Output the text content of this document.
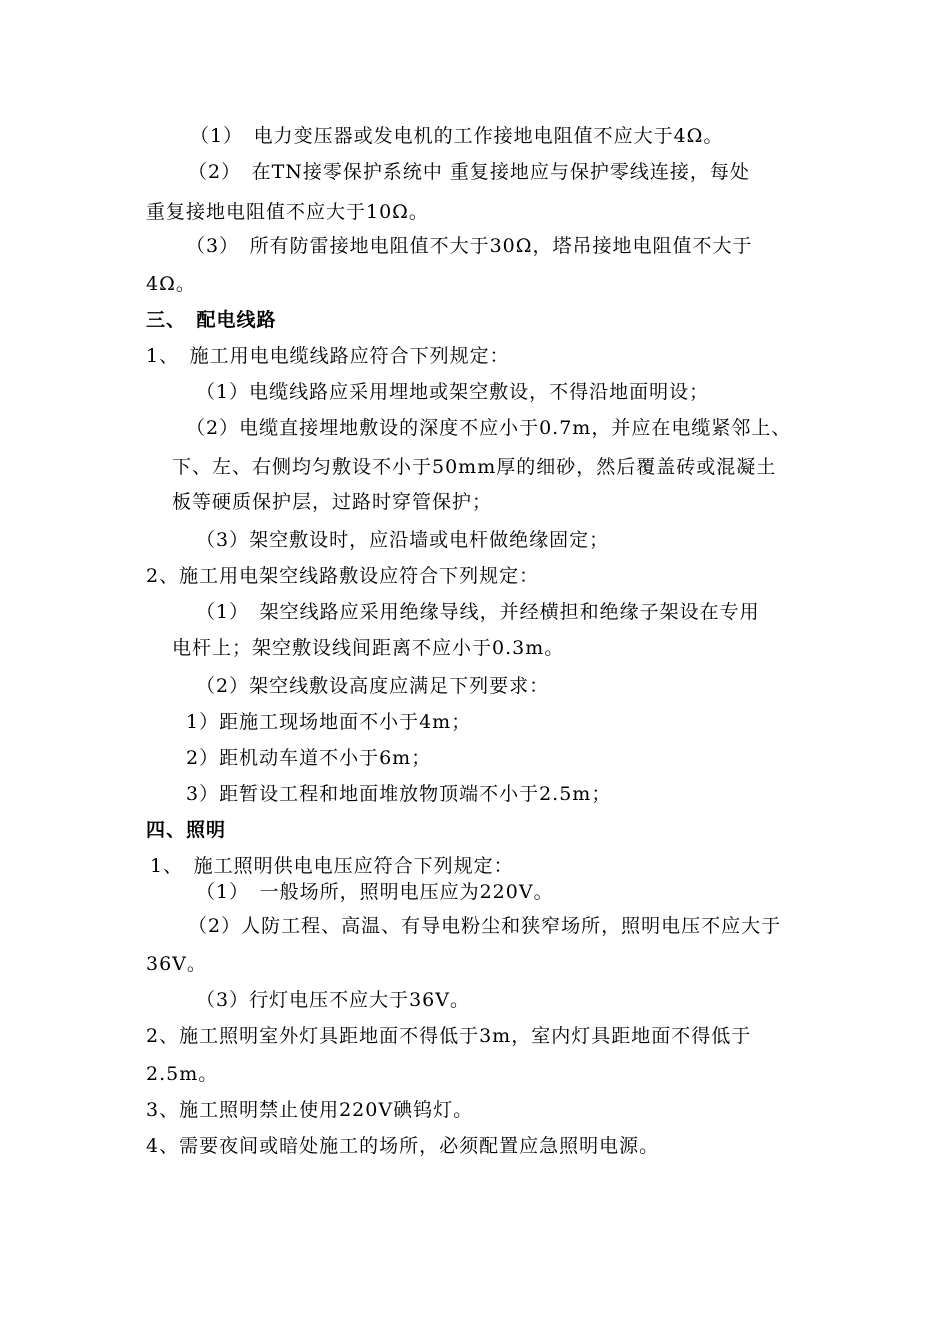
（1）　电力变压器或发电机的工作接地电阻值不应大于4Ω。
（2）　在TN接零保护系统中 重复接地应与保护零线连接，每处
重复接地电阻值不应大于10Ω。
（3）　所有防雷接地电阻值不大于30Ω，塔吊接地电阻值不大于
4Ω。
三、　配电线路
1、　施工用电电缆线路应符合下列规定：
（1）电缆线路应采用埋地或架空敷设，不得沿地面明设；
（2）电缆直接埋地敷设的深度不应小于0.7m，并应在电缆紧邻上、
下、左、右侧均匀敷设不小于50mm厚的细砂，然后覆盖砖或混凝土
板等硬质保护层，过路时穿管保护；
（3）架空敷设时，应沿墙或电杆做绝缘固定；
2、施工用电架空线路敷设应符合下列规定：
（1）　架空线路应采用绝缘导线，并经横担和绝缘子架设在专用
电杆上；架空敷设线间距离不应小于0.3m。
（2）架空线敷设高度应满足下列要求：
1）距施工现场地面不小于4m；
2）距机动车道不小于6m；
3）距暂设工程和地面堆放物顶端不小于2.5m；
四、照明
1、　施工照明供电电压应符合下列规定：
（1）　一般场所，照明电压应为220V。
（2）人防工程、高温、有导电粉尘和狭窄场所，照明电压不应大于
36V。
（3）行灯电压不应大于36V。
2、施工照明室外灯具距地面不得低于3m，室内灯具距地面不得低于
2.5m。
3、施工照明禁止使用220V碘钨灯。
4、需要夜间或暗处施工的场所，必须配置应急照明电源。
